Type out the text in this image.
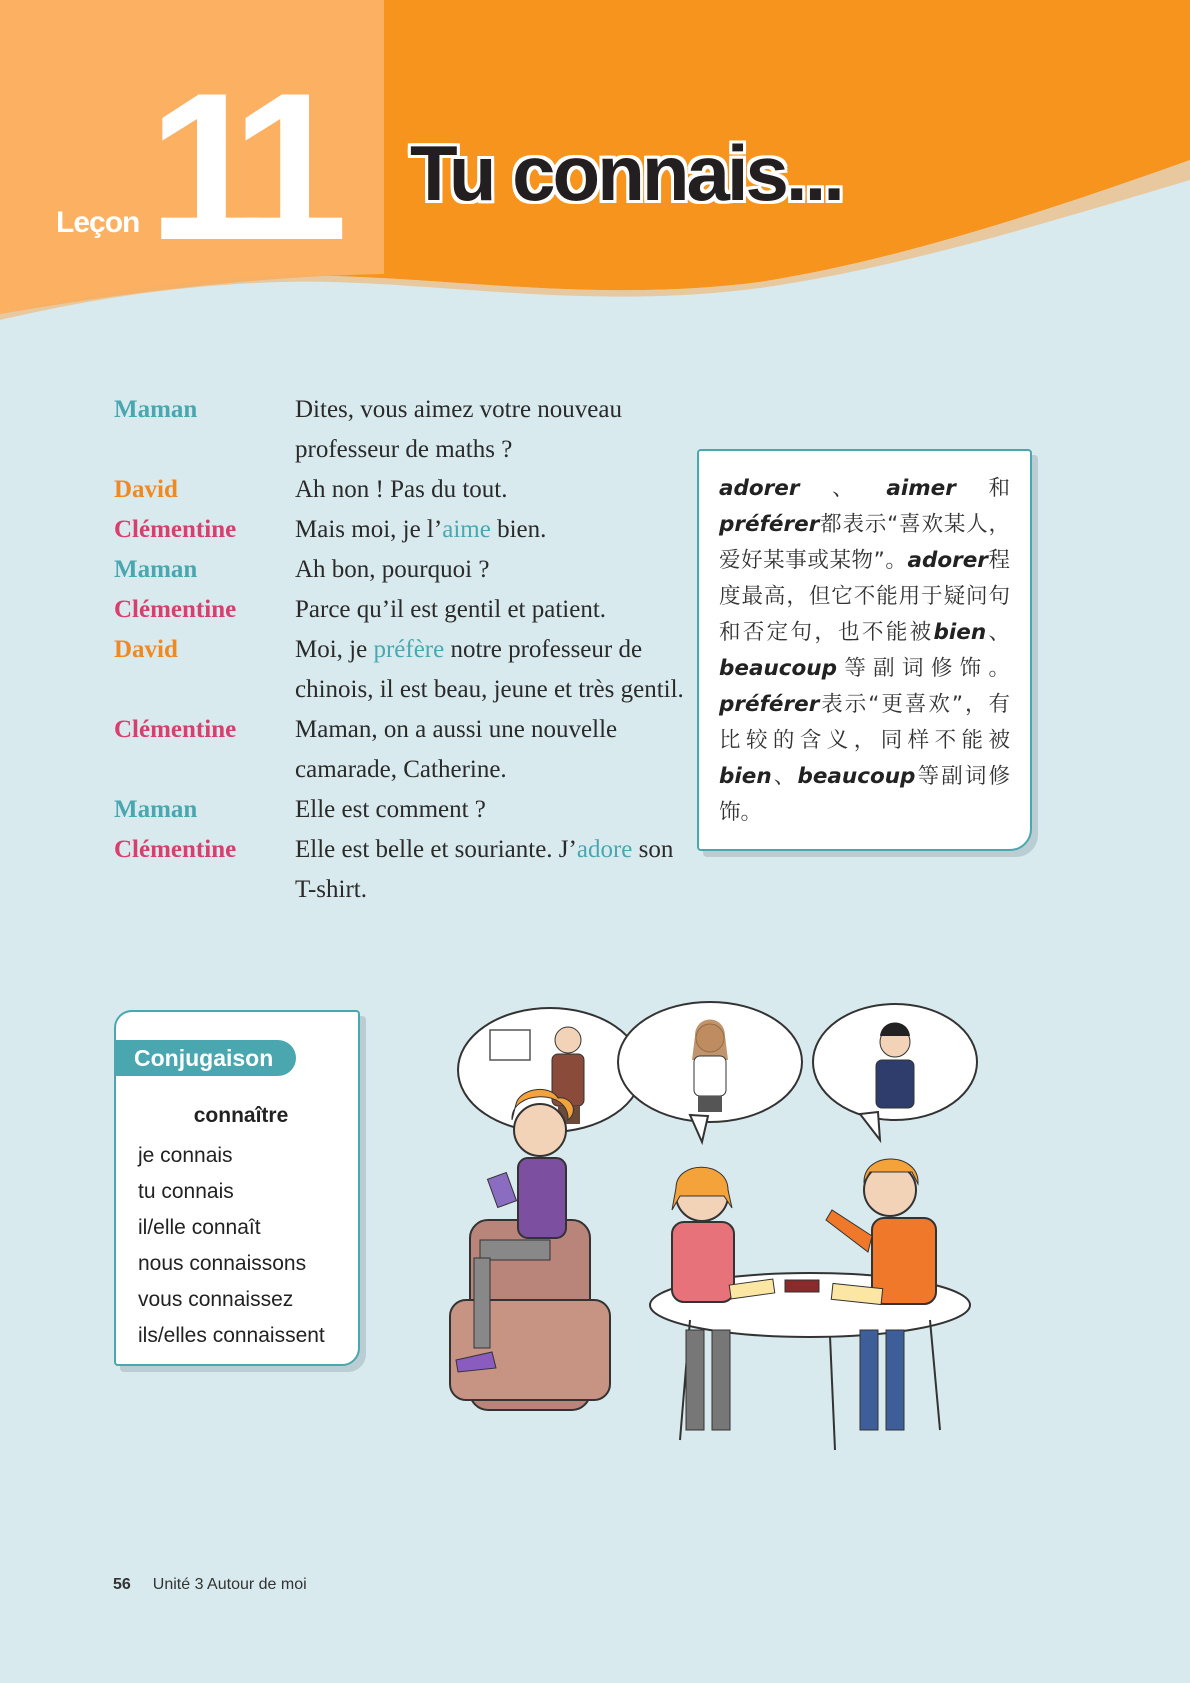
Leçon 11 Tu connais...
Maman	Dites, vous aimez votre nouveau professeur de maths ?
David	Ah non ! Pas du tout.
Clémentine	Mais moi, je l’aime bien.
Maman	Ah bon, pourquoi ?
Clémentine	Parce qu’il est gentil et patient.
David	Moi, je préfère notre professeur de chinois, il est beau, jeune et très gentil.
Clémentine	Maman, on a aussi une nouvelle camarade, Catherine.
Maman	Elle est comment ?
Clémentine	Elle est belle et souriante. J’adore son T-shirt.
adorer、aimer和préférer都表示“喜欢某人，爱好某事或某物”。adorer程度最高，但它不能用于疑问句和否定句，也不能被bien、beaucoup等副词修饰。préférer表示“更喜欢”，有比较的含义，同样不能被bien、beaucoup等副词修饰。
Conjugaison
connaître
je connais
tu connais
il/elle connaît
nous connaissons
vous connaissez
ils/elles connaissent
56 Unité 3 Autour de moi
